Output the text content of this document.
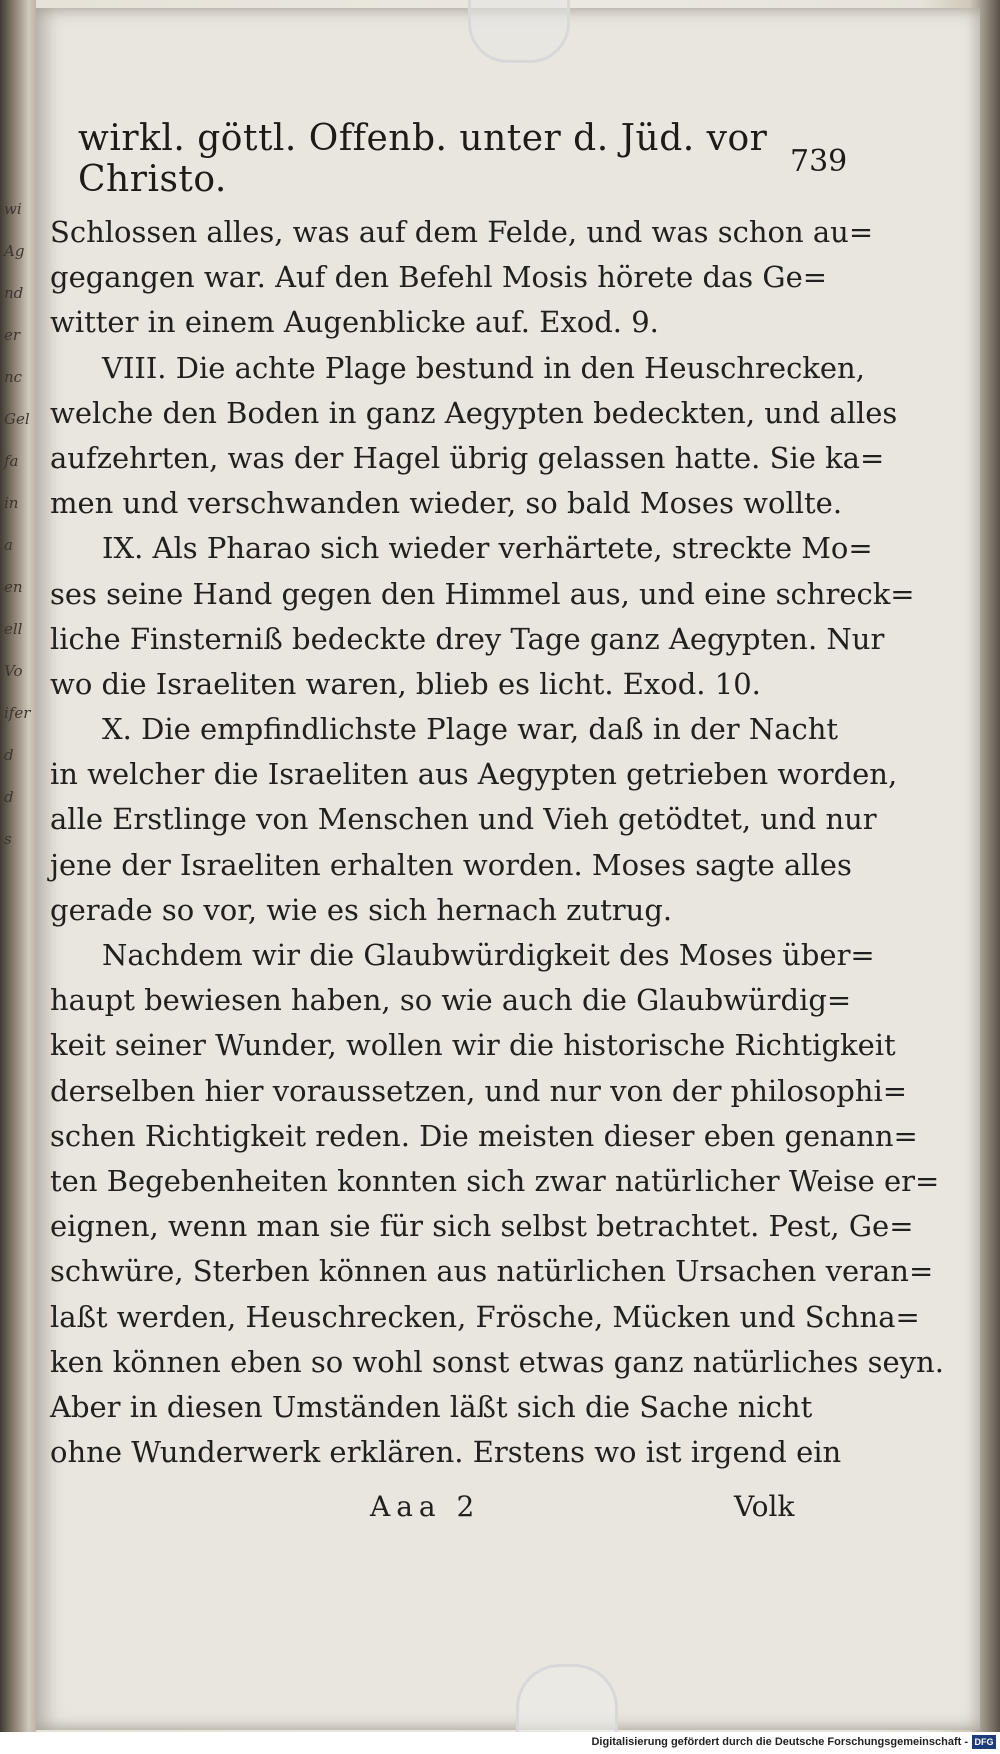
wi
Ag
nd
er
nc
Gel
fa
in
a
en
ell
Vo
ifer
d
d
s
wirkl. göttl. Offenb. unter d. Jüd. vor Christo.	739
Schlossen alles, was auf dem Felde, und was schon au=
gegangen war. Auf den Befehl Mosis hörete das Ge=
witter in einem Augenblicke auf. Exod. 9.
VIII. Die achte Plage bestund in den Heuschrecken,
welche den Boden in ganz Aegypten bedeckten, und alles
aufzehrten, was der Hagel übrig gelassen hatte. Sie ka=
men und verschwanden wieder, so bald Moses wollte.
IX. Als Pharao sich wieder verhärtete, streckte Mo=
ses seine Hand gegen den Himmel aus, und eine schreck=
liche Finsterniß bedeckte drey Tage ganz Aegypten. Nur
wo die Israeliten waren, blieb es licht. Exod. 10.
X. Die empfindlichste Plage war, daß in der Nacht
in welcher die Israeliten aus Aegypten getrieben worden,
alle Erstlinge von Menschen und Vieh getödtet, und nur
jene der Israeliten erhalten worden. Moses sagte alles
gerade so vor, wie es sich hernach zutrug.
Nachdem wir die Glaubwürdigkeit des Moses über=
haupt bewiesen haben, so wie auch die Glaubwürdig=
keit seiner Wunder, wollen wir die historische Richtigkeit
derselben hier voraussetzen, und nur von der philosophi=
schen Richtigkeit reden. Die meisten dieser eben genann=
ten Begebenheiten konnten sich zwar natürlicher Weise er=
eignen, wenn man sie für sich selbst betrachtet. Pest, Ge=
schwüre, Sterben können aus natürlichen Ursachen veran=
laßt werden, Heuschrecken, Frösche, Mücken und Schna=
ken können eben so wohl sonst etwas ganz natürliches seyn.
Aber in diesen Umständen läßt sich die Sache nicht
ohne Wunderwerk erklären. Erstens wo ist irgend ein
Aaa 2	Volk
Digitalisierung gefördert durch die Deutsche Forschungsgemeinschaft - DFG
